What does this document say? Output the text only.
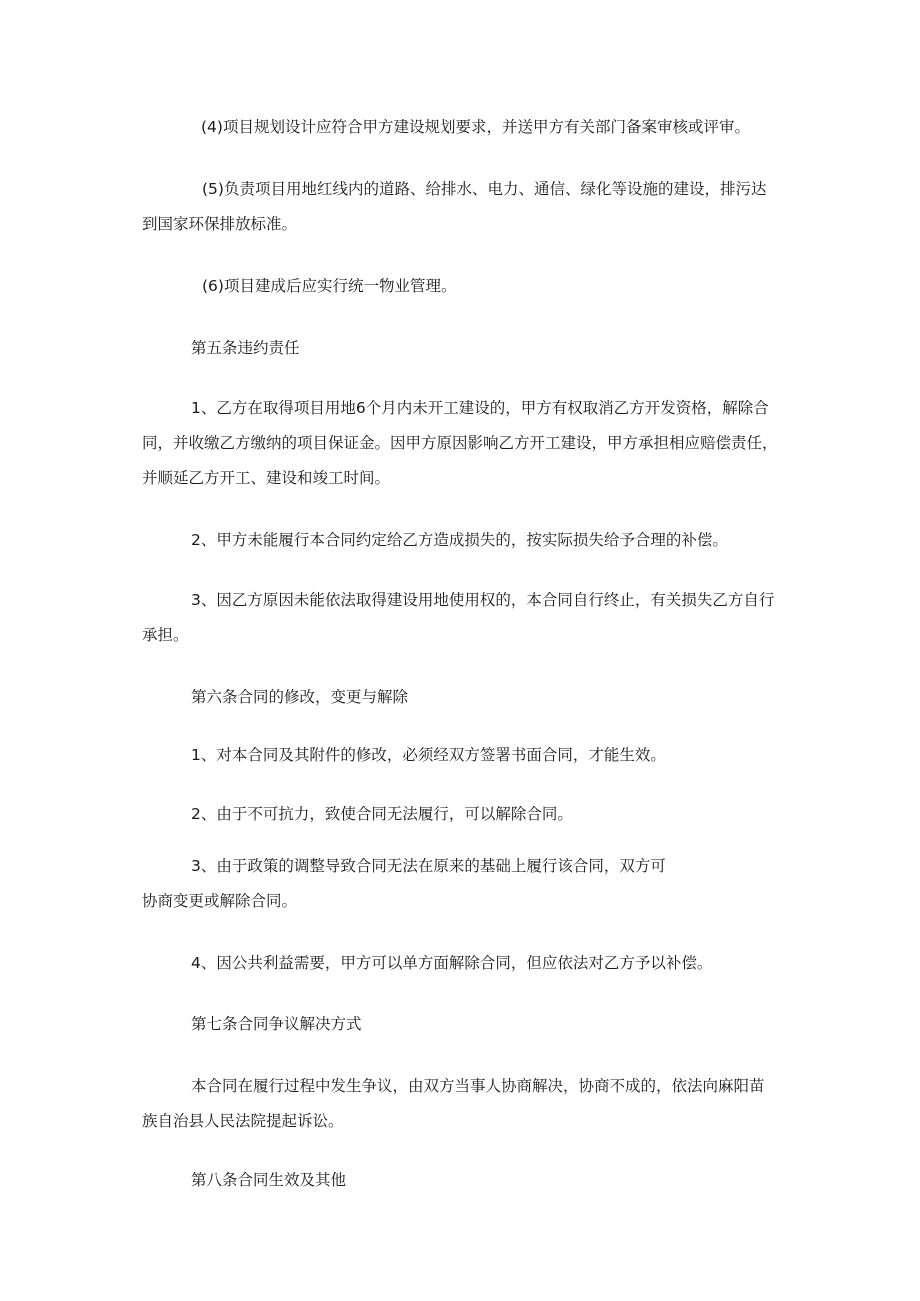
(4)项目规划设计应符合甲方建设规划要求，并送甲方有关部门备案审核或评审。
(5)负责项目用地红线内的道路、给排水、电力、通信、绿化等设施的建设，排污达
到国家环保排放标准。
(6)项目建成后应实行统一物业管理。
第五条违约责任
1、乙方在取得项目用地6个月内未开工建设的，甲方有权取消乙方开发资格，解除合
同，并收缴乙方缴纳的项目保证金。因甲方原因影响乙方开工建设，甲方承担相应赔偿责任，
并顺延乙方开工、建设和竣工时间。
2、甲方未能履行本合同约定给乙方造成损失的，按实际损失给予合理的补偿。
3、因乙方原因未能依法取得建设用地使用权的，本合同自行终止，有关损失乙方自行
承担。
第六条合同的修改，变更与解除
1、对本合同及其附件的修改，必须经双方签署书面合同，才能生效。
2、由于不可抗力，致使合同无法履行，可以解除合同。
3、由于政策的调整导致合同无法在原来的基础上履行该合同，双方可
协商变更或解除合同。
4、因公共利益需要，甲方可以单方面解除合同，但应依法对乙方予以补偿。
第七条合同争议解决方式
本合同在履行过程中发生争议，由双方当事人协商解决，协商不成的，依法向麻阳苗
族自治县人民法院提起诉讼。
第八条合同生效及其他
